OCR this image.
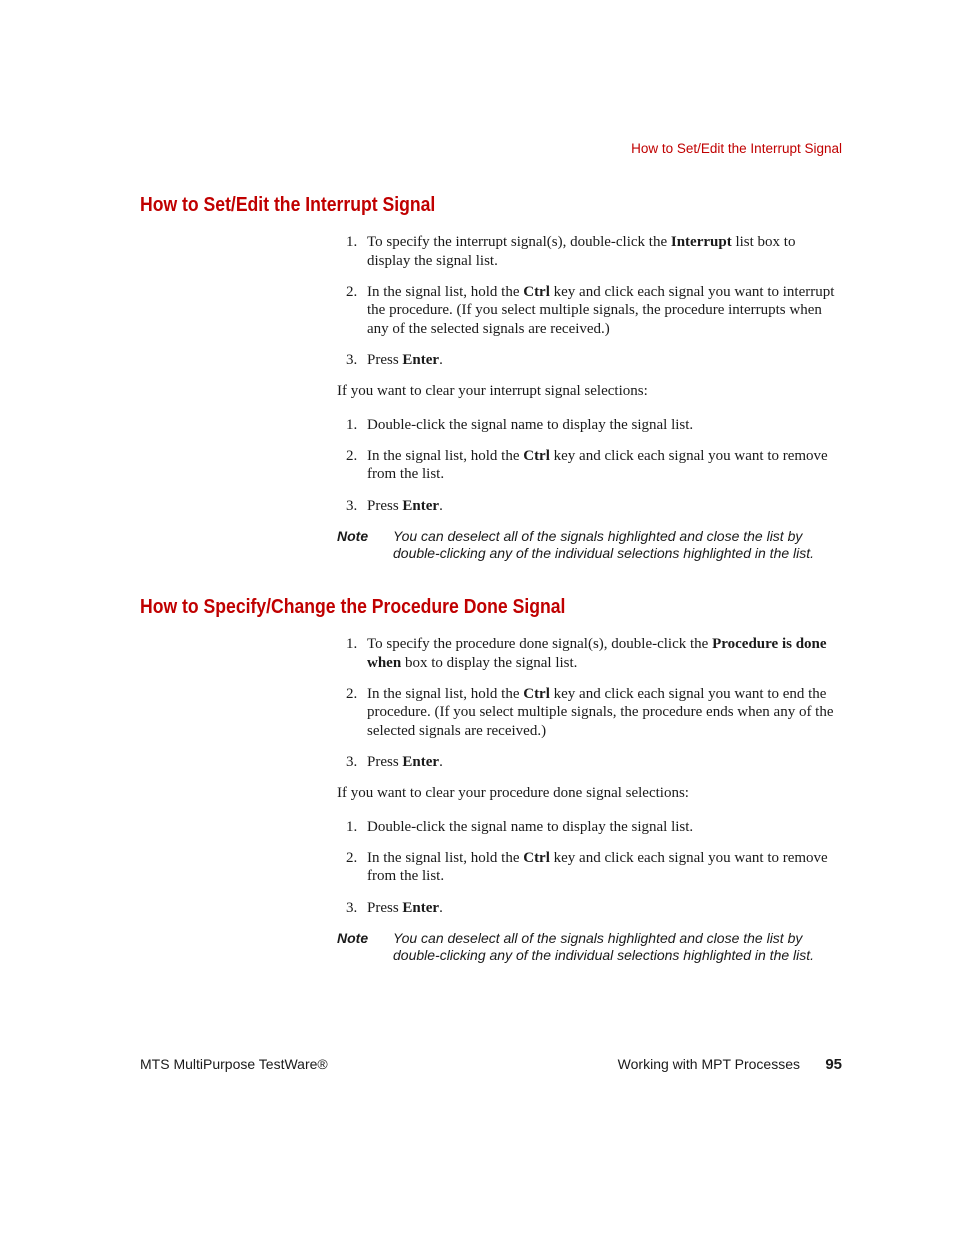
How to Set/Edit the Interrupt Signal
How to Set/Edit the Interrupt Signal
1. To specify the interrupt signal(s), double-click the Interrupt list box to display the signal list.
2. In the signal list, hold the Ctrl key and click each signal you want to interrupt the procedure. (If you select multiple signals, the procedure interrupts when any of the selected signals are received.)
3. Press Enter.

If you want to clear your interrupt signal selections:

1. Double-click the signal name to display the signal list.
2. In the signal list, hold the Ctrl key and click each signal you want to remove from the list.
3. Press Enter.
Note	You can deselect all of the signals highlighted and close the list by double-clicking any of the individual selections highlighted in the list.
How to Specify/Change the Procedure Done Signal
1. To specify the procedure done signal(s), double-click the Procedure is done when box to display the signal list.
2. In the signal list, hold the Ctrl key and click each signal you want to end the procedure. (If you select multiple signals, the procedure ends when any of the selected signals are received.)
3. Press Enter.

If you want to clear your procedure done signal selections:

1. Double-click the signal name to display the signal list.
2. In the signal list, hold the Ctrl key and click each signal you want to remove from the list.
3. Press Enter.
Note	You can deselect all of the signals highlighted and close the list by double-clicking any of the individual selections highlighted in the list.
MTS MultiPurpose TestWare®	Working with MPT Processes 95
